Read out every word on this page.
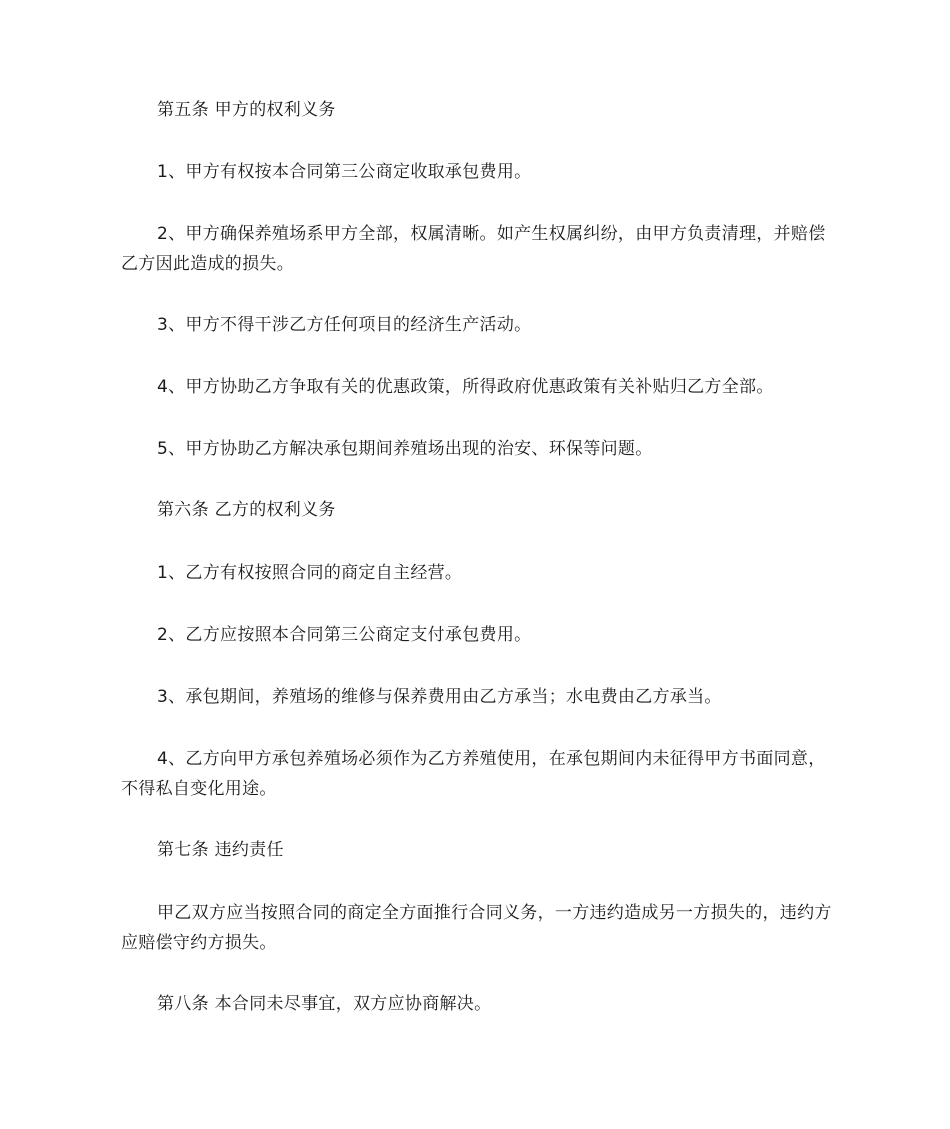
第五条 甲方的权利义务

1、甲方有权按本合同第三公商定收取承包费用。

2、甲方确保养殖场系甲方全部，权属清晰。如产生权属纠纷，由甲方负责清理，并赔偿乙方因此造成的损失。

3、甲方不得干涉乙方任何项目的经济生产活动。

4、甲方协助乙方争取有关的优惠政策，所得政府优惠政策有关补贴归乙方全部。

5、甲方协助乙方解决承包期间养殖场出现的治安、环保等问题。

第六条 乙方的权利义务

1、乙方有权按照合同的商定自主经营。

2、乙方应按照本合同第三公商定支付承包费用。

3、承包期间，养殖场的维修与保养费用由乙方承当；水电费由乙方承当。

4、乙方向甲方承包养殖场必须作为乙方养殖使用，在承包期间内未征得甲方书面同意，不得私自变化用途。

第七条 违约责任

甲乙双方应当按照合同的商定全方面推行合同义务，一方违约造成另一方损失的，违约方应赔偿守约方损失。

第八条 本合同未尽事宜，双方应协商解决。
